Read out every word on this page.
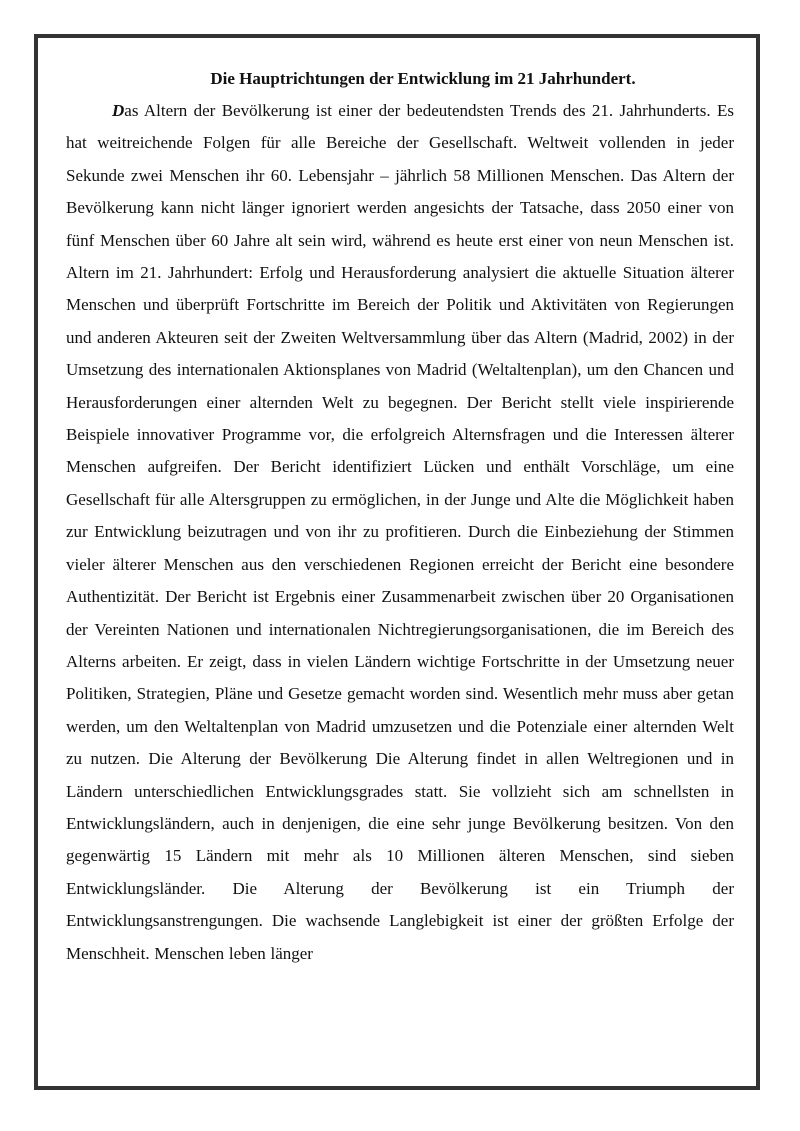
Die Hauptrichtungen der Entwicklung im 21 Jahrhundert.

Das Altern der Bevölkerung ist einer der bedeutendsten Trends des 21. Jahrhunderts. Es hat weitreichende Folgen für alle Bereiche der Gesellschaft. Weltweit vollenden in jeder Sekunde zwei Menschen ihr 60. Lebensjahr – jährlich 58 Millionen Menschen. Das Altern der Bevölkerung kann nicht länger ignoriert werden angesichts der Tatsache, dass 2050 einer von fünf Menschen über 60 Jahre alt sein wird, während es heute erst einer von neun Menschen ist. Altern im 21. Jahrhundert: Erfolg und Herausforderung analysiert die aktuelle Situation älterer Menschen und überprüft Fortschritte im Bereich der Politik und Aktivitäten von Regierungen und anderen Akteuren seit der Zweiten Weltversammlung über das Altern (Madrid, 2002) in der Umsetzung des internationalen Aktionsplanes von Madrid (Weltaltenplan), um den Chancen und Herausforderungen einer alternden Welt zu begegnen. Der Bericht stellt viele inspirierende Beispiele innovativer Programme vor, die erfolgreich Alternsfragen und die Interessen älterer Menschen aufgreifen. Der Bericht identifiziert Lücken und enthält Vorschläge, um eine Gesellschaft für alle Altersgruppen zu ermöglichen, in der Junge und Alte die Möglichkeit haben zur Entwicklung beizutragen und von ihr zu profitieren. Durch die Einbeziehung der Stimmen vieler älterer Menschen aus den verschiedenen Regionen erreicht der Bericht eine besondere Authentizität. Der Bericht ist Ergebnis einer Zusammenarbeit zwischen über 20 Organisationen der Vereinten Nationen und internationalen Nichtregierungsorganisationen, die im Bereich des Alterns arbeiten. Er zeigt, dass in vielen Ländern wichtige Fortschritte in der Umsetzung neuer Politiken, Strategien, Pläne und Gesetze gemacht worden sind. Wesentlich mehr muss aber getan werden, um den Weltaltenplan von Madrid umzusetzen und die Potenziale einer alternden Welt zu nutzen. Die Alterung der Bevölkerung Die Alterung findet in allen Weltregionen und in Ländern unterschiedlichen Entwicklungsgrades statt. Sie vollzieht sich am schnellsten in Entwicklungsländern, auch in denjenigen, die eine sehr junge Bevölkerung besitzen. Von den gegenwärtig 15 Ländern mit mehr als 10 Millionen älteren Menschen, sind sieben Entwicklungsländer. Die Alterung der Bevölkerung ist ein Triumph der Entwicklungsanstrengungen. Die wachsende Langlebigkeit ist einer der größten Erfolge der Menschheit. Menschen leben länger
